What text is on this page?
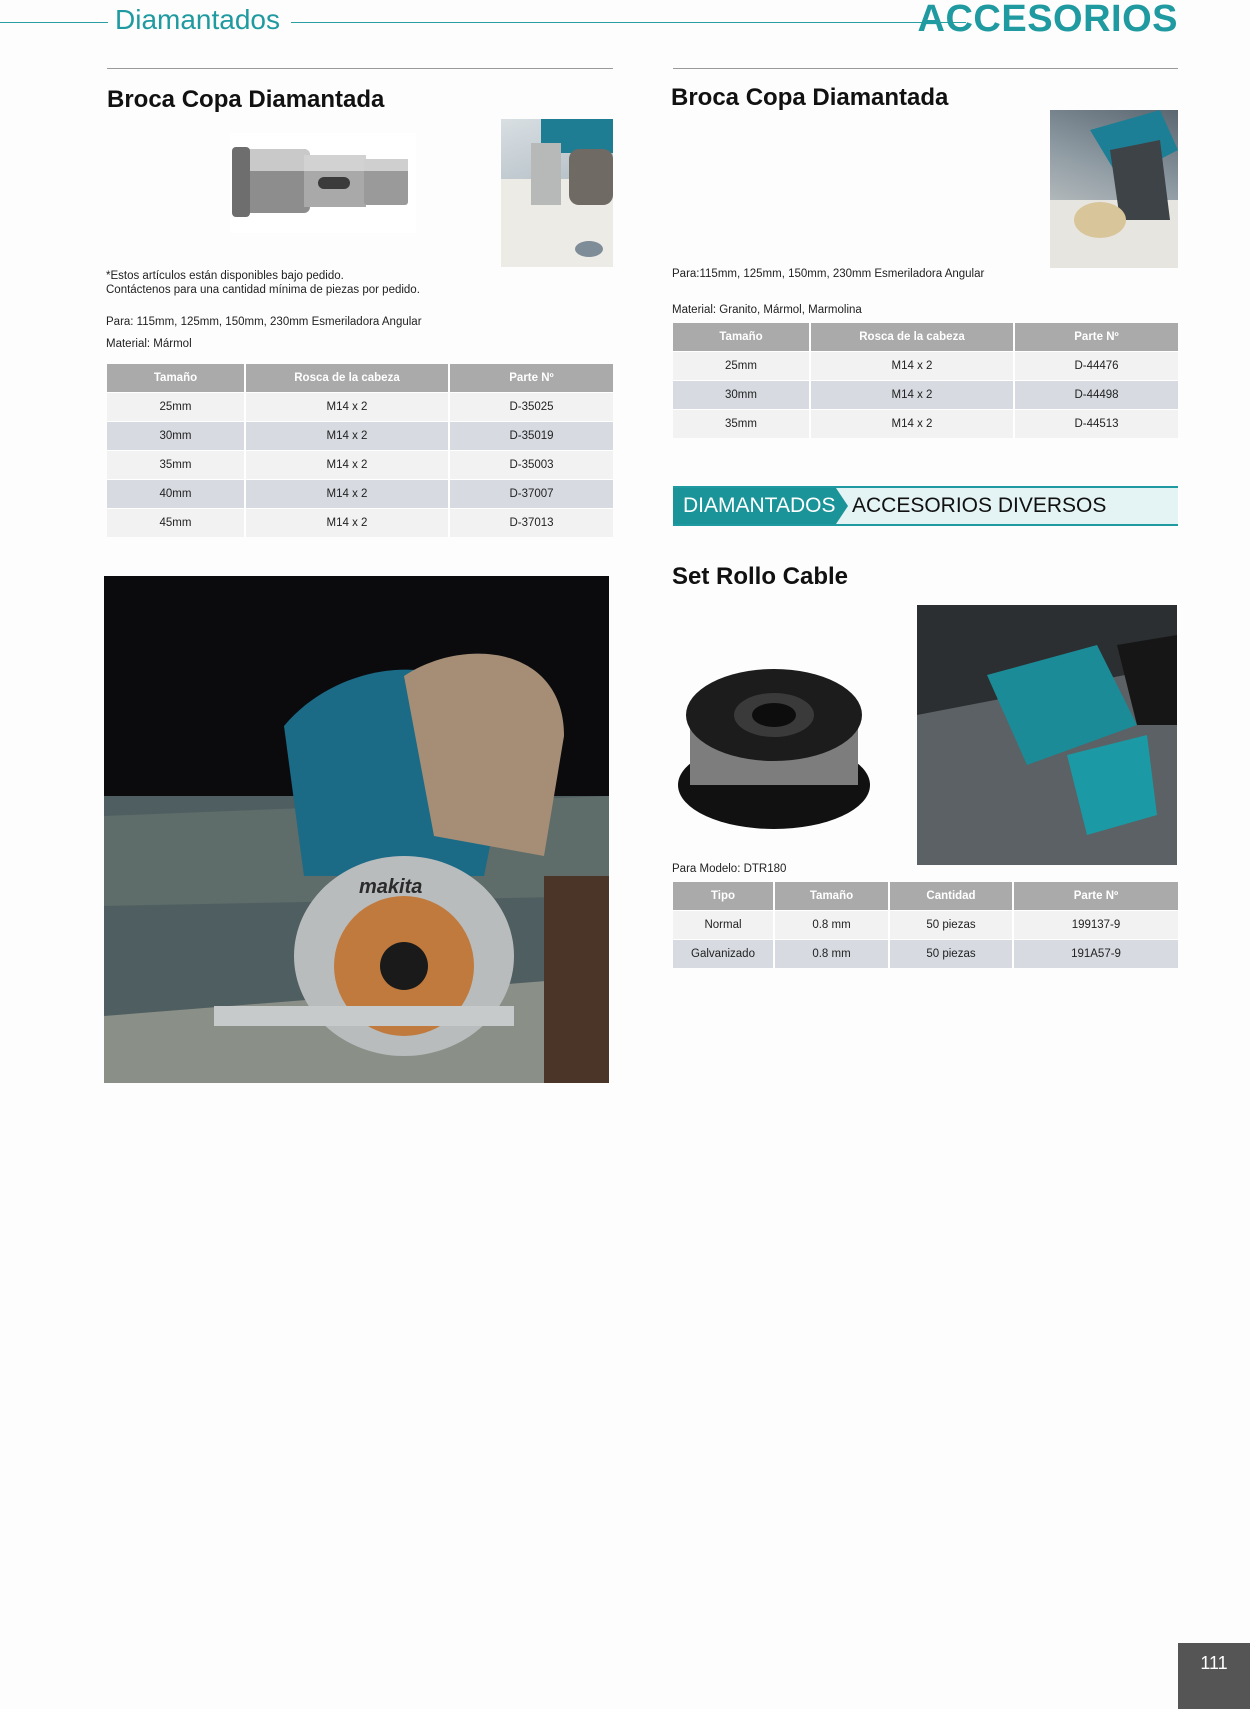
Diamantados	ACCESORIOS
Broca Copa Diamantada
*Estos artículos están disponibles bajo pedido.
Contáctenos para una cantidad mínima de piezas por pedido.
Para: 115mm, 125mm, 150mm, 230mm Esmeriladora Angular
Material: Mármol
Tamaño	Rosca de la cabeza	Parte Nº
25mm	M14 x 2	D-35025
30mm	M14 x 2	D-35019
35mm	M14 x 2	D-35003
40mm	M14 x 2	D-37007
45mm	M14 x 2	D-37013
makita
Broca Copa Diamantada
Para:115mm, 125mm, 150mm, 230mm Esmeriladora Angular
Material: Granito, Mármol, Marmolina
Tamaño	Rosca de la cabeza	Parte Nº
25mm	M14 x 2	D-44476
30mm	M14 x 2	D-44498
35mm	M14 x 2	D-44513
DIAMANTADOS ACCESORIOS DIVERSOS
Set Rollo Cable
Para Modelo: DTR180
Tipo	Tamaño	Cantidad	Parte Nº
Normal	0.8 mm	50 piezas	199137-9
Galvanizado	0.8 mm	50 piezas	191A57-9
111
